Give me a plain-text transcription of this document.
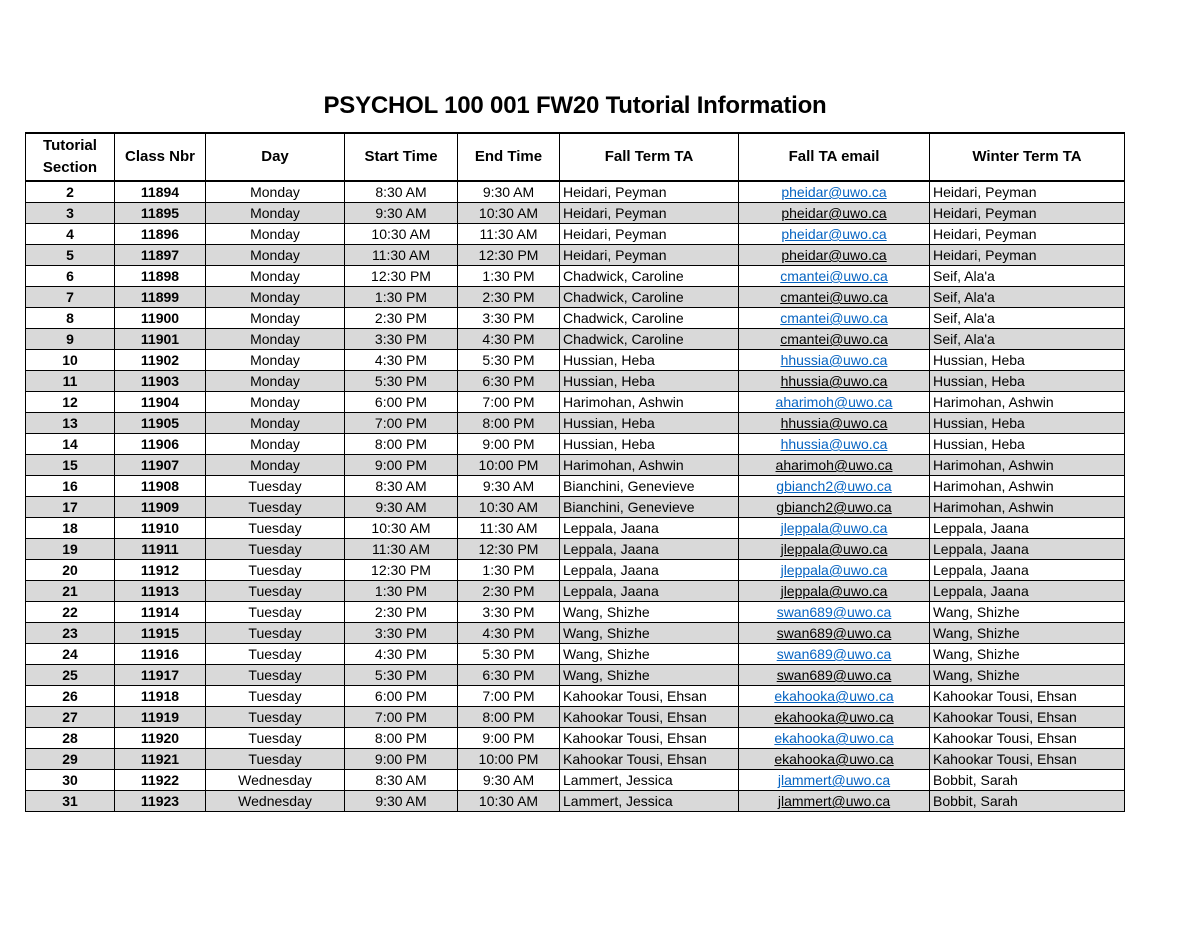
PSYCHOL 100 001 FW20 Tutorial Information
Tutorial
Section	Class Nbr	Day	Start Time	End Time	Fall Term TA	Fall TA email	Winter Term TA
2	11894	Monday	8:30 AM	9:30 AM	Heidari, Peyman	pheidar@uwo.ca	Heidari, Peyman
3	11895	Monday	9:30 AM	10:30 AM	Heidari, Peyman	pheidar@uwo.ca	Heidari, Peyman
4	11896	Monday	10:30 AM	11:30 AM	Heidari, Peyman	pheidar@uwo.ca	Heidari, Peyman
5	11897	Monday	11:30 AM	12:30 PM	Heidari, Peyman	pheidar@uwo.ca	Heidari, Peyman
6	11898	Monday	12:30 PM	1:30 PM	Chadwick, Caroline	cmantei@uwo.ca	Seif, Ala'a
7	11899	Monday	1:30 PM	2:30 PM	Chadwick, Caroline	cmantei@uwo.ca	Seif, Ala'a
8	11900	Monday	2:30 PM	3:30 PM	Chadwick, Caroline	cmantei@uwo.ca	Seif, Ala'a
9	11901	Monday	3:30 PM	4:30 PM	Chadwick, Caroline	cmantei@uwo.ca	Seif, Ala'a
10	11902	Monday	4:30 PM	5:30 PM	Hussian, Heba	hhussia@uwo.ca	Hussian, Heba
11	11903	Monday	5:30 PM	6:30 PM	Hussian, Heba	hhussia@uwo.ca	Hussian, Heba
12	11904	Monday	6:00 PM	7:00 PM	Harimohan, Ashwin	aharimoh@uwo.ca	Harimohan, Ashwin
13	11905	Monday	7:00 PM	8:00 PM	Hussian, Heba	hhussia@uwo.ca	Hussian, Heba
14	11906	Monday	8:00 PM	9:00 PM	Hussian, Heba	hhussia@uwo.ca	Hussian, Heba
15	11907	Monday	9:00 PM	10:00 PM	Harimohan, Ashwin	aharimoh@uwo.ca	Harimohan, Ashwin
16	11908	Tuesday	8:30 AM	9:30 AM	Bianchini, Genevieve	gbianch2@uwo.ca	Harimohan, Ashwin
17	11909	Tuesday	9:30 AM	10:30 AM	Bianchini, Genevieve	gbianch2@uwo.ca	Harimohan, Ashwin
18	11910	Tuesday	10:30 AM	11:30 AM	Leppala, Jaana	jleppala@uwo.ca	Leppala, Jaana
19	11911	Tuesday	11:30 AM	12:30 PM	Leppala, Jaana	jleppala@uwo.ca	Leppala, Jaana
20	11912	Tuesday	12:30 PM	1:30 PM	Leppala, Jaana	jleppala@uwo.ca	Leppala, Jaana
21	11913	Tuesday	1:30 PM	2:30 PM	Leppala, Jaana	jleppala@uwo.ca	Leppala, Jaana
22	11914	Tuesday	2:30 PM	3:30 PM	Wang, Shizhe	swan689@uwo.ca	Wang, Shizhe
23	11915	Tuesday	3:30 PM	4:30 PM	Wang, Shizhe	swan689@uwo.ca	Wang, Shizhe
24	11916	Tuesday	4:30 PM	5:30 PM	Wang, Shizhe	swan689@uwo.ca	Wang, Shizhe
25	11917	Tuesday	5:30 PM	6:30 PM	Wang, Shizhe	swan689@uwo.ca	Wang, Shizhe
26	11918	Tuesday	6:00 PM	7:00 PM	Kahookar Tousi, Ehsan	ekahooka@uwo.ca	Kahookar Tousi, Ehsan
27	11919	Tuesday	7:00 PM	8:00 PM	Kahookar Tousi, Ehsan	ekahooka@uwo.ca	Kahookar Tousi, Ehsan
28	11920	Tuesday	8:00 PM	9:00 PM	Kahookar Tousi, Ehsan	ekahooka@uwo.ca	Kahookar Tousi, Ehsan
29	11921	Tuesday	9:00 PM	10:00 PM	Kahookar Tousi, Ehsan	ekahooka@uwo.ca	Kahookar Tousi, Ehsan
30	11922	Wednesday	8:30 AM	9:30 AM	Lammert, Jessica	jlammert@uwo.ca	Bobbit, Sarah
31	11923	Wednesday	9:30 AM	10:30 AM	Lammert, Jessica	jlammert@uwo.ca	Bobbit, Sarah
